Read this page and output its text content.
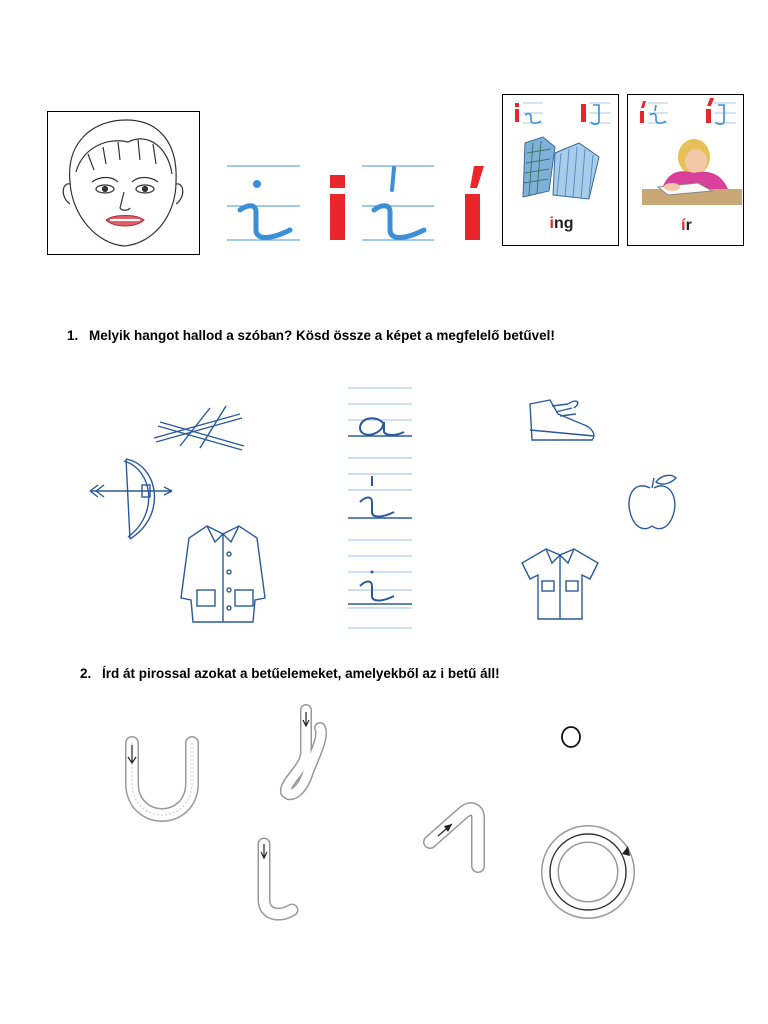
ing	ír
1. Melyik hangot hallod a szóban? Kösd össze a képet a megfelelő betűvel!
2. Írd át pirossal azokat a betűelemeket, amelyekből az i betű áll!
